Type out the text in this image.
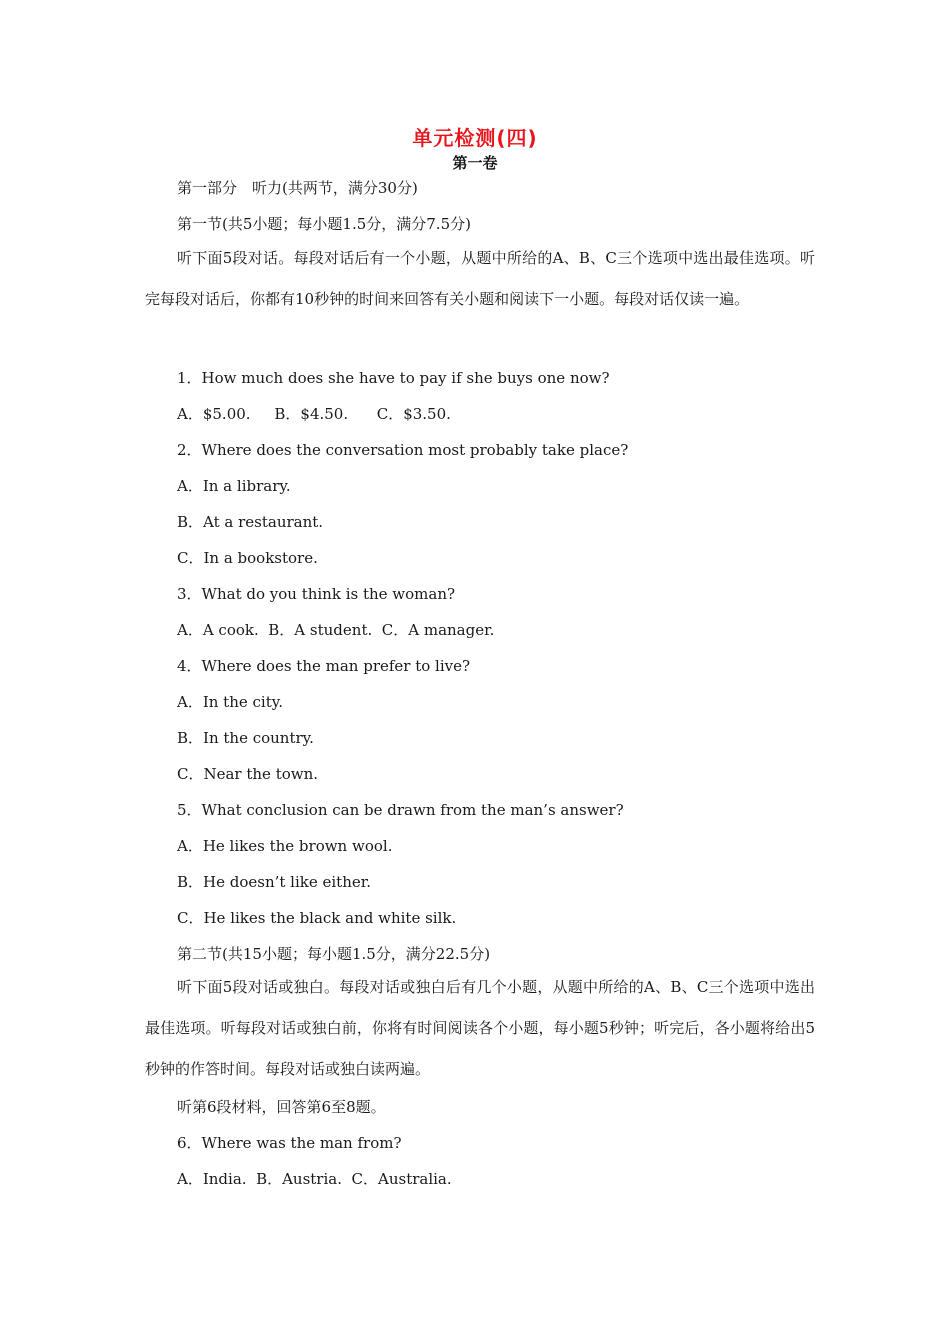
单元检测(四)
第一卷
第一部分　听力(共两节，满分30分)
第一节(共5小题；每小题1.5分，满分7.5分)
听下面5段对话。每段对话后有一个小题，从题中所给的A、B、C三个选项中选出最佳选项。听完每段对话后，你都有10秒钟的时间来回答有关小题和阅读下一小题。每段对话仅读一遍。
1．How much does she have to pay if she buys one now?
A．$5.00.     B．$4.50.      C．$3.50.
2．Where does the conversation most probably take place?
A．In a library.
B．At a restaurant.
C．In a bookstore.
3．What do you think is the woman?
A．A cook.  B．A student.  C．A manager.
4．Where does the man prefer to live?
A．In the city.
B．In the country.
C．Near the town.
5．What conclusion can be drawn from the man’s answer?
A．He likes the brown wool.
B．He doesn’t like either.
C．He likes the black and white silk.
第二节(共15小题；每小题1.5分，满分22.5分)
听下面5段对话或独白。每段对话或独白后有几个小题，从题中所给的A、B、C三个选项中选出最佳选项。听每段对话或独白前，你将有时间阅读各个小题，每小题5秒钟；听完后，各小题将给出5秒钟的作答时间。每段对话或独白读两遍。
听第6段材料，回答第6至8题。
6．Where was the man from?
A．India.  B．Austria.  C．Australia.
